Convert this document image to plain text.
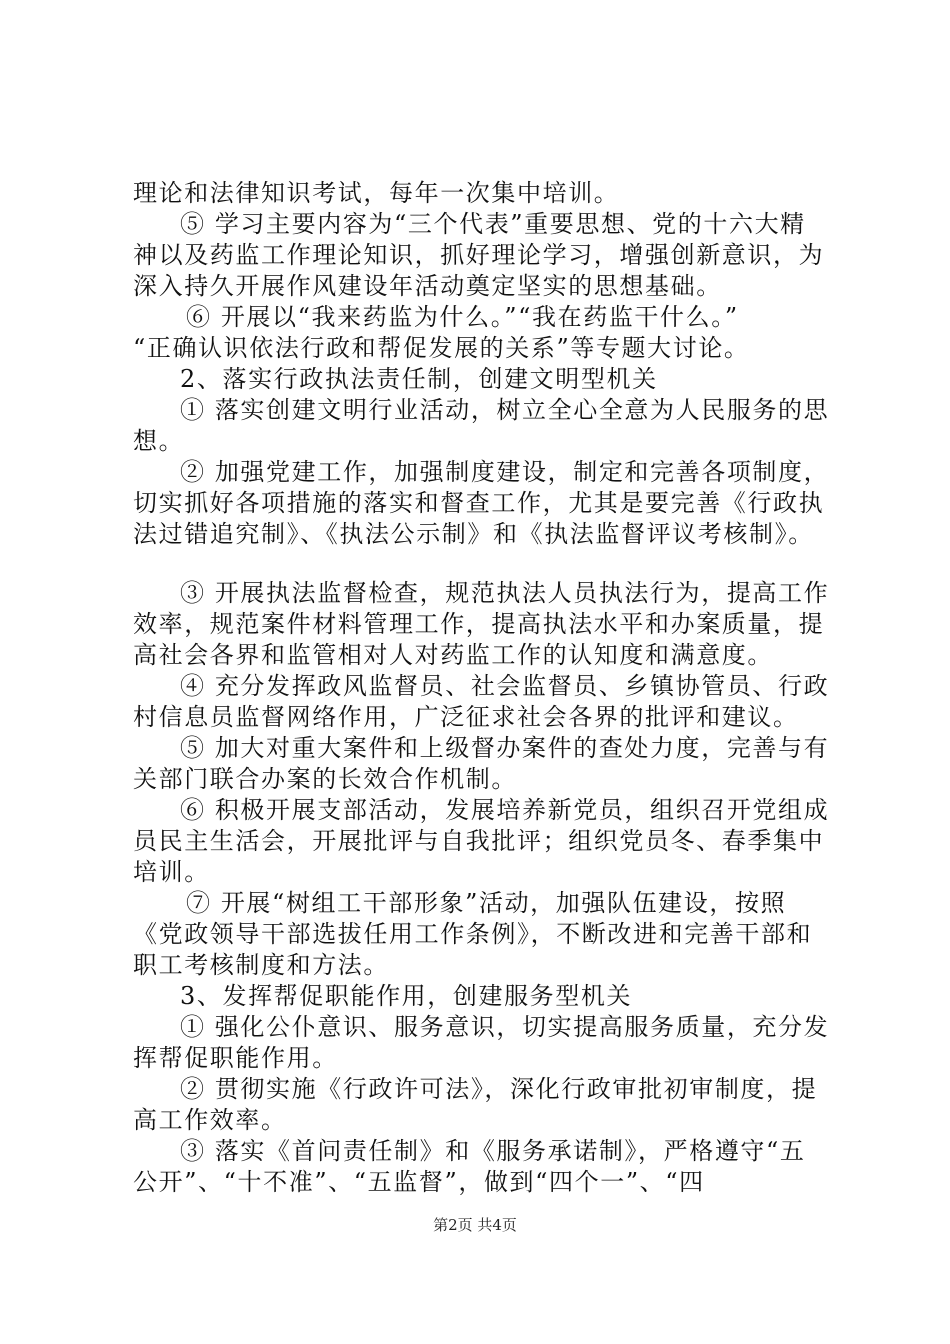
理论和法律知识考试，每年一次集中培训。
⑤ 学习主要内容为“三个代表”重要思想、党的十六大精
神以及药监工作理论知识，抓好理论学习，增强创新意识，为
深入持久开展作风建设年活动奠定坚实的思想基础。
⑥ 开展以“我来药监为什么。”“我在药监干什么。”
“正确认识依法行政和帮促发展的关系”等专题大讨论。
2、落实行政执法责任制，创建文明型机关
① 落实创建文明行业活动，树立全心全意为人民服务的思
想。
② 加强党建工作，加强制度建设，制定和完善各项制度，
切实抓好各项措施的落实和督查工作，尤其是要完善《行政执
法过错追究制》、《执法公示制》和《执法监督评议考核制》。
③ 开展执法监督检查，规范执法人员执法行为，提高工作
效率，规范案件材料管理工作，提高执法水平和办案质量，提
高社会各界和监管相对人对药监工作的认知度和满意度。
④ 充分发挥政风监督员、社会监督员、乡镇协管员、行政
村信息员监督网络作用，广泛征求社会各界的批评和建议。
⑤ 加大对重大案件和上级督办案件的查处力度，完善与有
关部门联合办案的长效合作机制。
⑥ 积极开展支部活动，发展培养新党员，组织召开党组成
员民主生活会，开展批评与自我批评；组织党员冬、春季集中
培训。
⑦ 开展“树组工干部形象”活动，加强队伍建设，按照
《党政领导干部选拔任用工作条例》，不断改进和完善干部和
职工考核制度和方法。
3、发挥帮促职能作用，创建服务型机关
① 强化公仆意识、服务意识，切实提高服务质量，充分发
挥帮促职能作用。
② 贯彻实施《行政许可法》，深化行政审批初审制度，提
高工作效率。
③ 落实《首问责任制》和《服务承诺制》，严格遵守“五
公开”、“十不准”、“五监督”，做到“四个一”、“四
第2页 共4页
